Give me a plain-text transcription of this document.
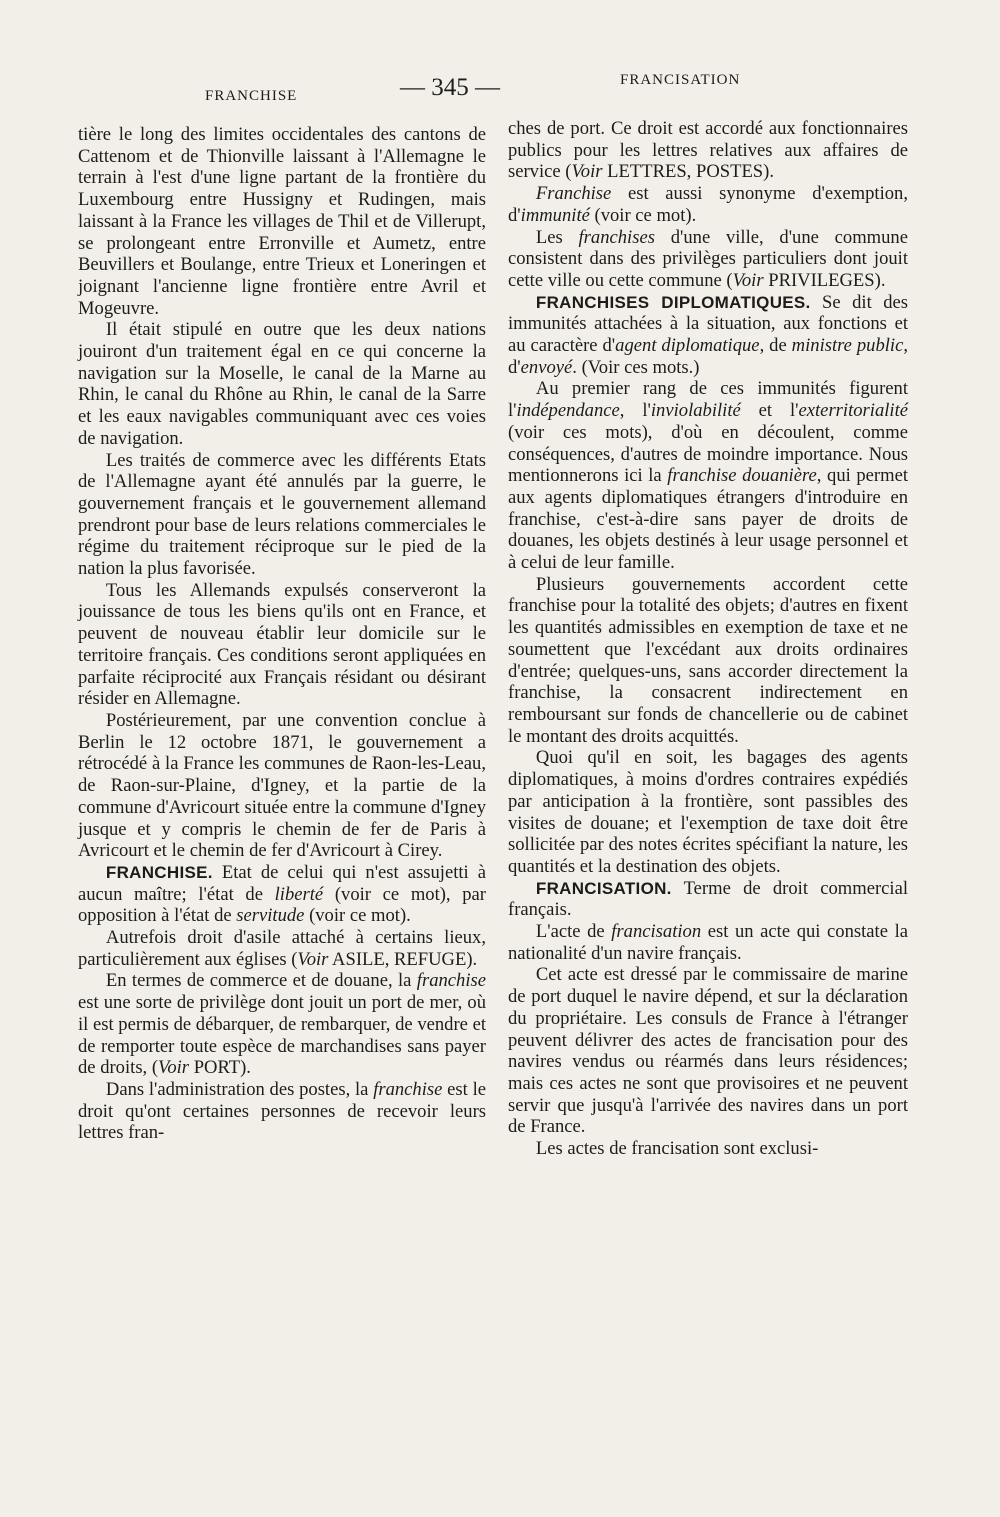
FRANCHISE	— 345 —	FRANCISATION

tière le long des limites occidentales des cantons de Cattenom et de Thionville laissant à l'Allemagne le terrain à l'est d'une ligne partant de la frontière du Luxembourg entre Hussigny et Rudingen, mais laissant à la France les villages de Thil et de Villerupt, se prolongeant entre Erronville et Aumetz, entre Beuvillers et Boulange, entre Trieux et Loneringen et joignant l'ancienne ligne frontière entre Avril et Mogeuvre.

Il était stipulé en outre que les deux nations jouiront d'un traitement égal en ce qui concerne la navigation sur la Moselle, le canal de la Marne au Rhin, le canal du Rhône au Rhin, le canal de la Sarre et les eaux navigables communiquant avec ces voies de navigation.

Les traités de commerce avec les différents Etats de l'Allemagne ayant été annulés par la guerre, le gouvernement français et le gouvernement allemand prendront pour base de leurs relations commerciales le régime du traitement réciproque sur le pied de la nation la plus favorisée.

Tous les Allemands expulsés conserveront la jouissance de tous les biens qu'ils ont en France, et peuvent de nouveau établir leur domicile sur le territoire français. Ces conditions seront appliquées en parfaite réciprocité aux Français résidant ou désirant résider en Allemagne.

Postérieurement, par une convention conclue à Berlin le 12 octobre 1871, le gouvernement a rétrocédé à la France les communes de Raon-les-Leau, de Raon-sur-Plaine, d'Igney, et la partie de la commune d'Avricourt située entre la commune d'Igney jusque et y compris le chemin de fer de Paris à Avricourt et le chemin de fer d'Avricourt à Cirey.

FRANCHISE. Etat de celui qui n'est assujetti à aucun maître; l'état de liberté (voir ce mot), par opposition à l'état de servitude (voir ce mot).

Autrefois droit d'asile attaché à certains lieux, particulièrement aux églises (Voir ASILE, REFUGE).

En termes de commerce et de douane, la franchise est une sorte de privilège dont jouit un port de mer, où il est permis de débarquer, de rembarquer, de vendre et de remporter toute espèce de marchandises sans payer de droits, (Voir PORT).

Dans l'administration des postes, la franchise est le droit qu'ont certaines personnes de recevoir leurs lettres fran-

ches de port. Ce droit est accordé aux fonctionnaires publics pour les lettres relatives aux affaires de service (Voir LETTRES, POSTES).

Franchise est aussi synonyme d'exemption, d'immunité (voir ce mot).

Les franchises d'une ville, d'une commune consistent dans des privilèges particuliers dont jouit cette ville ou cette commune (Voir PRIVILEGES).

FRANCHISES DIPLOMATIQUES. Se dit des immunités attachées à la situation, aux fonctions et au caractère d'agent diplomatique, de ministre public, d'envoyé. (Voir ces mots.)

Au premier rang de ces immunités figurent l'indépendance, l'inviolabilité et l'exterritorialité (voir ces mots), d'où en découlent, comme conséquences, d'autres de moindre importance. Nous mentionnerons ici la franchise douanière, qui permet aux agents diplomatiques étrangers d'introduire en franchise, c'est-à-dire sans payer de droits de douanes, les objets destinés à leur usage personnel et à celui de leur famille.

Plusieurs gouvernements accordent cette franchise pour la totalité des objets; d'autres en fixent les quantités admissibles en exemption de taxe et ne soumettent que l'excédant aux droits ordinaires d'entrée; quelques-uns, sans accorder directement la franchise, la consacrent indirectement en remboursant sur fonds de chancellerie ou de cabinet le montant des droits acquittés.

Quoi qu'il en soit, les bagages des agents diplomatiques, à moins d'ordres contraires expédiés par anticipation à la frontière, sont passibles des visites de douane; et l'exemption de taxe doit être sollicitée par des notes écrites spécifiant la nature, les quantités et la destination des objets.

FRANCISATION. Terme de droit commercial français.

L'acte de francisation est un acte qui constate la nationalité d'un navire français.

Cet acte est dressé par le commissaire de marine de port duquel le navire dépend, et sur la déclaration du propriétaire. Les consuls de France à l'étranger peuvent délivrer des actes de francisation pour des navires vendus ou réarmés dans leurs résidences; mais ces actes ne sont que provisoires et ne peuvent servir que jusqu'à l'arrivée des navires dans un port de France.

Les actes de francisation sont exclusi-
